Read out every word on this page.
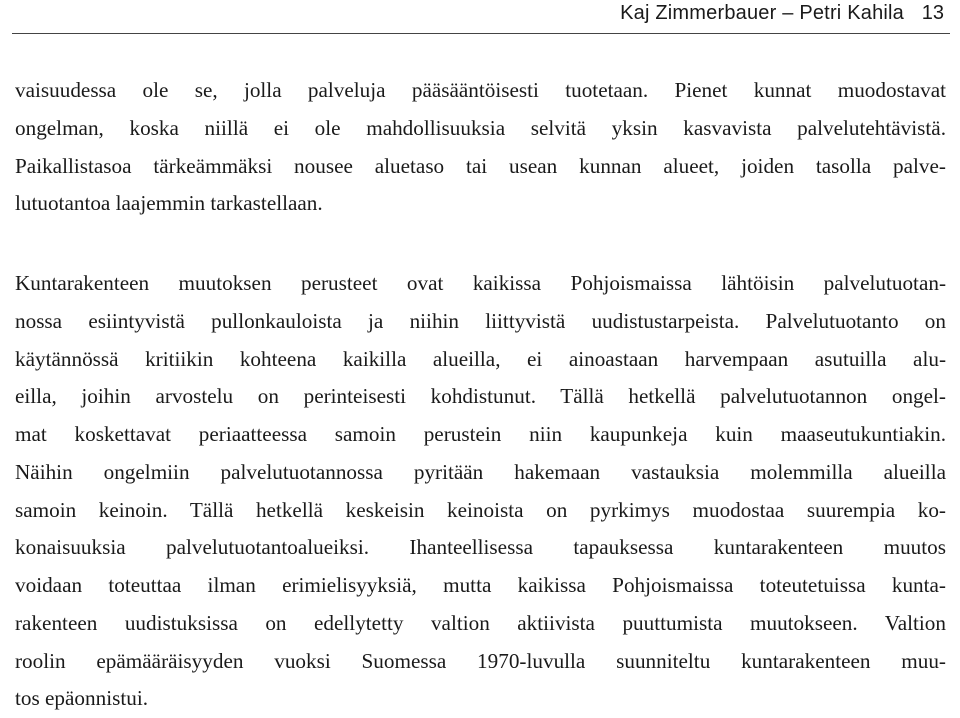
Kaj Zimmerbauer – Petri Kahila 13
vaisuudessa ole se, jolla palveluja pääsääntöisesti tuotetaan. Pienet kunnat muodostavat
ongelman, koska niillä ei ole mahdollisuuksia selvitä yksin kasvavista palvelutehtävistä.
Paikallistasoa tärkeämmäksi nousee aluetaso tai usean kunnan alueet, joiden tasolla palve-
lutuotantoa laajemmin tarkastellaan.
Kuntarakenteen muutoksen perusteet ovat kaikissa Pohjoismaissa lähtöisin palvelutuotan-
nossa esiintyvistä pullonkauloista ja niihin liittyvistä uudistustarpeista. Palvelutuotanto on
käytännössä kritiikin kohteena kaikilla alueilla, ei ainoastaan harvempaan asutuilla alu-
eilla, joihin arvostelu on perinteisesti kohdistunut. Tällä hetkellä palvelutuotannon ongel-
mat koskettavat periaatteessa samoin perustein niin kaupunkeja kuin maaseutukuntiakin.
Näihin ongelmiin palvelutuotannossa pyritään hakemaan vastauksia molemmilla alueilla
samoin keinoin. Tällä hetkellä keskeisin keinoista on pyrkimys muodostaa suurempia ko-
konaisuuksia palvelutuotantoalueiksi. Ihanteellisessa tapauksessa kuntarakenteen muutos
voidaan toteuttaa ilman erimielisyyksiä, mutta kaikissa Pohjoismaissa toteutetuissa kunta-
rakenteen uudistuksissa on edellytetty valtion aktiivista puuttumista muutokseen. Valtion
roolin epämääräisyyden vuoksi Suomessa 1970-luvulla suunniteltu kuntarakenteen muu-
tos epäonnistui.
